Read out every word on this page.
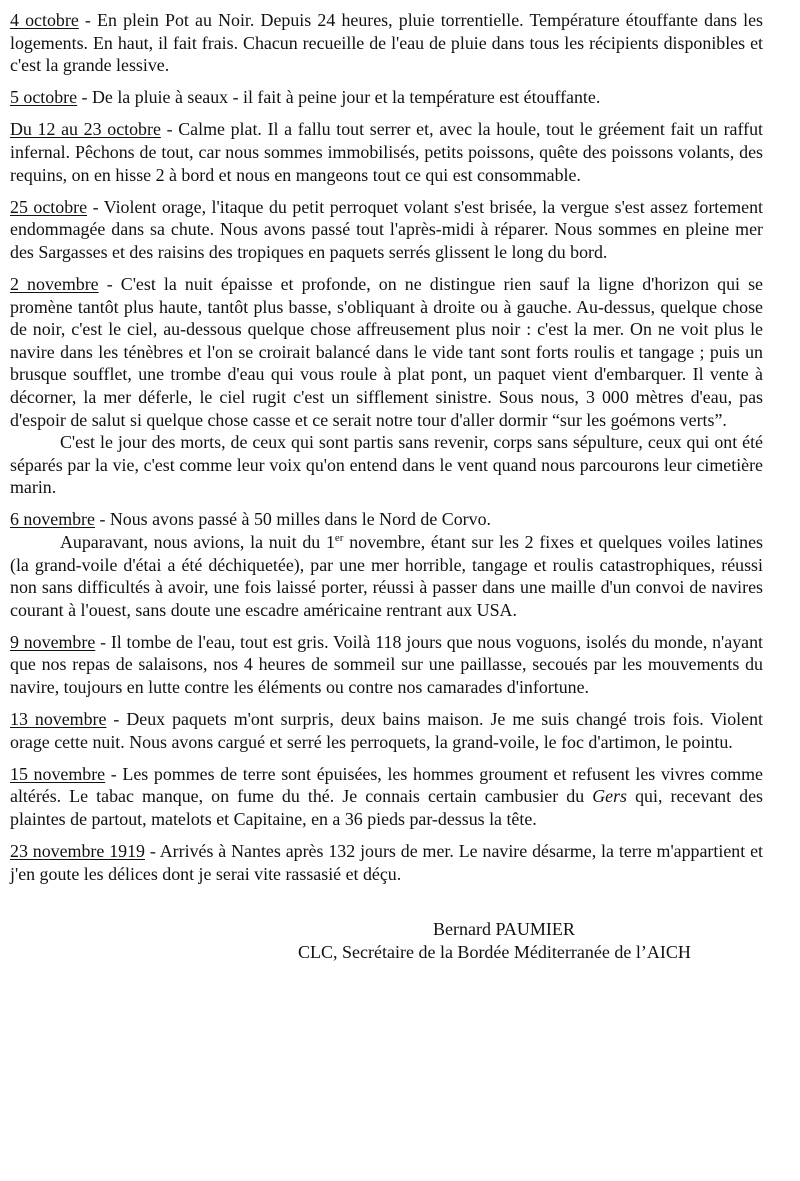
4 octobre - En plein Pot au Noir. Depuis 24 heures, pluie torrentielle. Température étouffante dans les logements. En haut, il fait frais. Chacun recueille de l'eau de pluie dans tous les récipients disponibles et c'est la grande lessive.

5 octobre - De la pluie à seaux - il fait à peine jour et la température est étouffante.

Du 12 au 23 octobre - Calme plat. Il a fallu tout serrer et, avec la houle, tout le gréement fait un raffut infernal. Pêchons de tout, car nous sommes immobilisés, petits poissons, quête des poissons volants, des requins, on en hisse 2 à bord et nous en mangeons tout ce qui est consommable.

25 octobre - Violent orage, l'itaque du petit perroquet volant s'est brisée, la vergue s'est assez fortement endommagée dans sa chute. Nous avons passé tout l'après-midi à réparer. Nous sommes en pleine mer des Sargasses et des raisins des tropiques en paquets serrés glissent le long du bord.

2 novembre - C'est la nuit épaisse et profonde, on ne distingue rien sauf la ligne d'horizon qui se promène tantôt plus haute, tantôt plus basse, s'obliquant à droite ou à gauche. Au-dessus, quelque chose de noir, c'est le ciel, au-dessous quelque chose affreusement plus noir : c'est la mer. On ne voit plus le navire dans les ténèbres et l'on se croirait balancé dans le vide tant sont forts roulis et tangage ; puis un brusque soufflet, une trombe d'eau qui vous roule à plat pont, un paquet vient d'embarquer. Il vente à décorner, la mer déferle, le ciel rugit c'est un sifflement sinistre. Sous nous, 3 000 mètres d'eau, pas d'espoir de salut si quelque chose casse et ce serait notre tour d'aller dormir “sur les goémons verts”.

C'est le jour des morts, de ceux qui sont partis sans revenir, corps sans sépulture, ceux qui ont été séparés par la vie, c'est comme leur voix qu'on entend dans le vent quand nous parcourons leur cimetière marin.

6 novembre - Nous avons passé à 50 milles dans le Nord de Corvo.

Auparavant, nous avions, la nuit du 1er novembre, étant sur les 2 fixes et quelques voiles latines (la grand-voile d'étai a été déchiquetée), par une mer horrible, tangage et roulis catastrophiques, réussi non sans difficultés à avoir, une fois laissé porter, réussi à passer dans une maille d'un convoi de navires courant à l'ouest, sans doute une escadre américaine rentrant aux USA.

9 novembre - Il tombe de l'eau, tout est gris. Voilà 118 jours que nous voguons, isolés du monde, n'ayant que nos repas de salaisons, nos 4 heures de sommeil sur une paillasse, secoués par les mouvements du navire, toujours en lutte contre les éléments ou contre nos camarades d'infortune.

13 novembre - Deux paquets m'ont surpris, deux bains maison. Je me suis changé trois fois. Violent orage cette nuit. Nous avons cargué et serré les perroquets, la grand-voile, le foc d'artimon, le pointu.

15 novembre - Les pommes de terre sont épuisées, les hommes groument et refusent les vivres comme altérés. Le tabac manque, on fume du thé. Je connais certain cambusier du Gers qui, recevant des plaintes de partout, matelots et Capitaine, en a 36 pieds par-dessus la tête.

23 novembre 1919 - Arrivés à Nantes après 132 jours de mer. Le navire désarme, la terre m'appartient et j'en goute les délices dont je serai vite rassasié et déçu.

Bernard PAUMIER
CLC, Secrétaire de la Bordée Méditerranée de l’AICH
